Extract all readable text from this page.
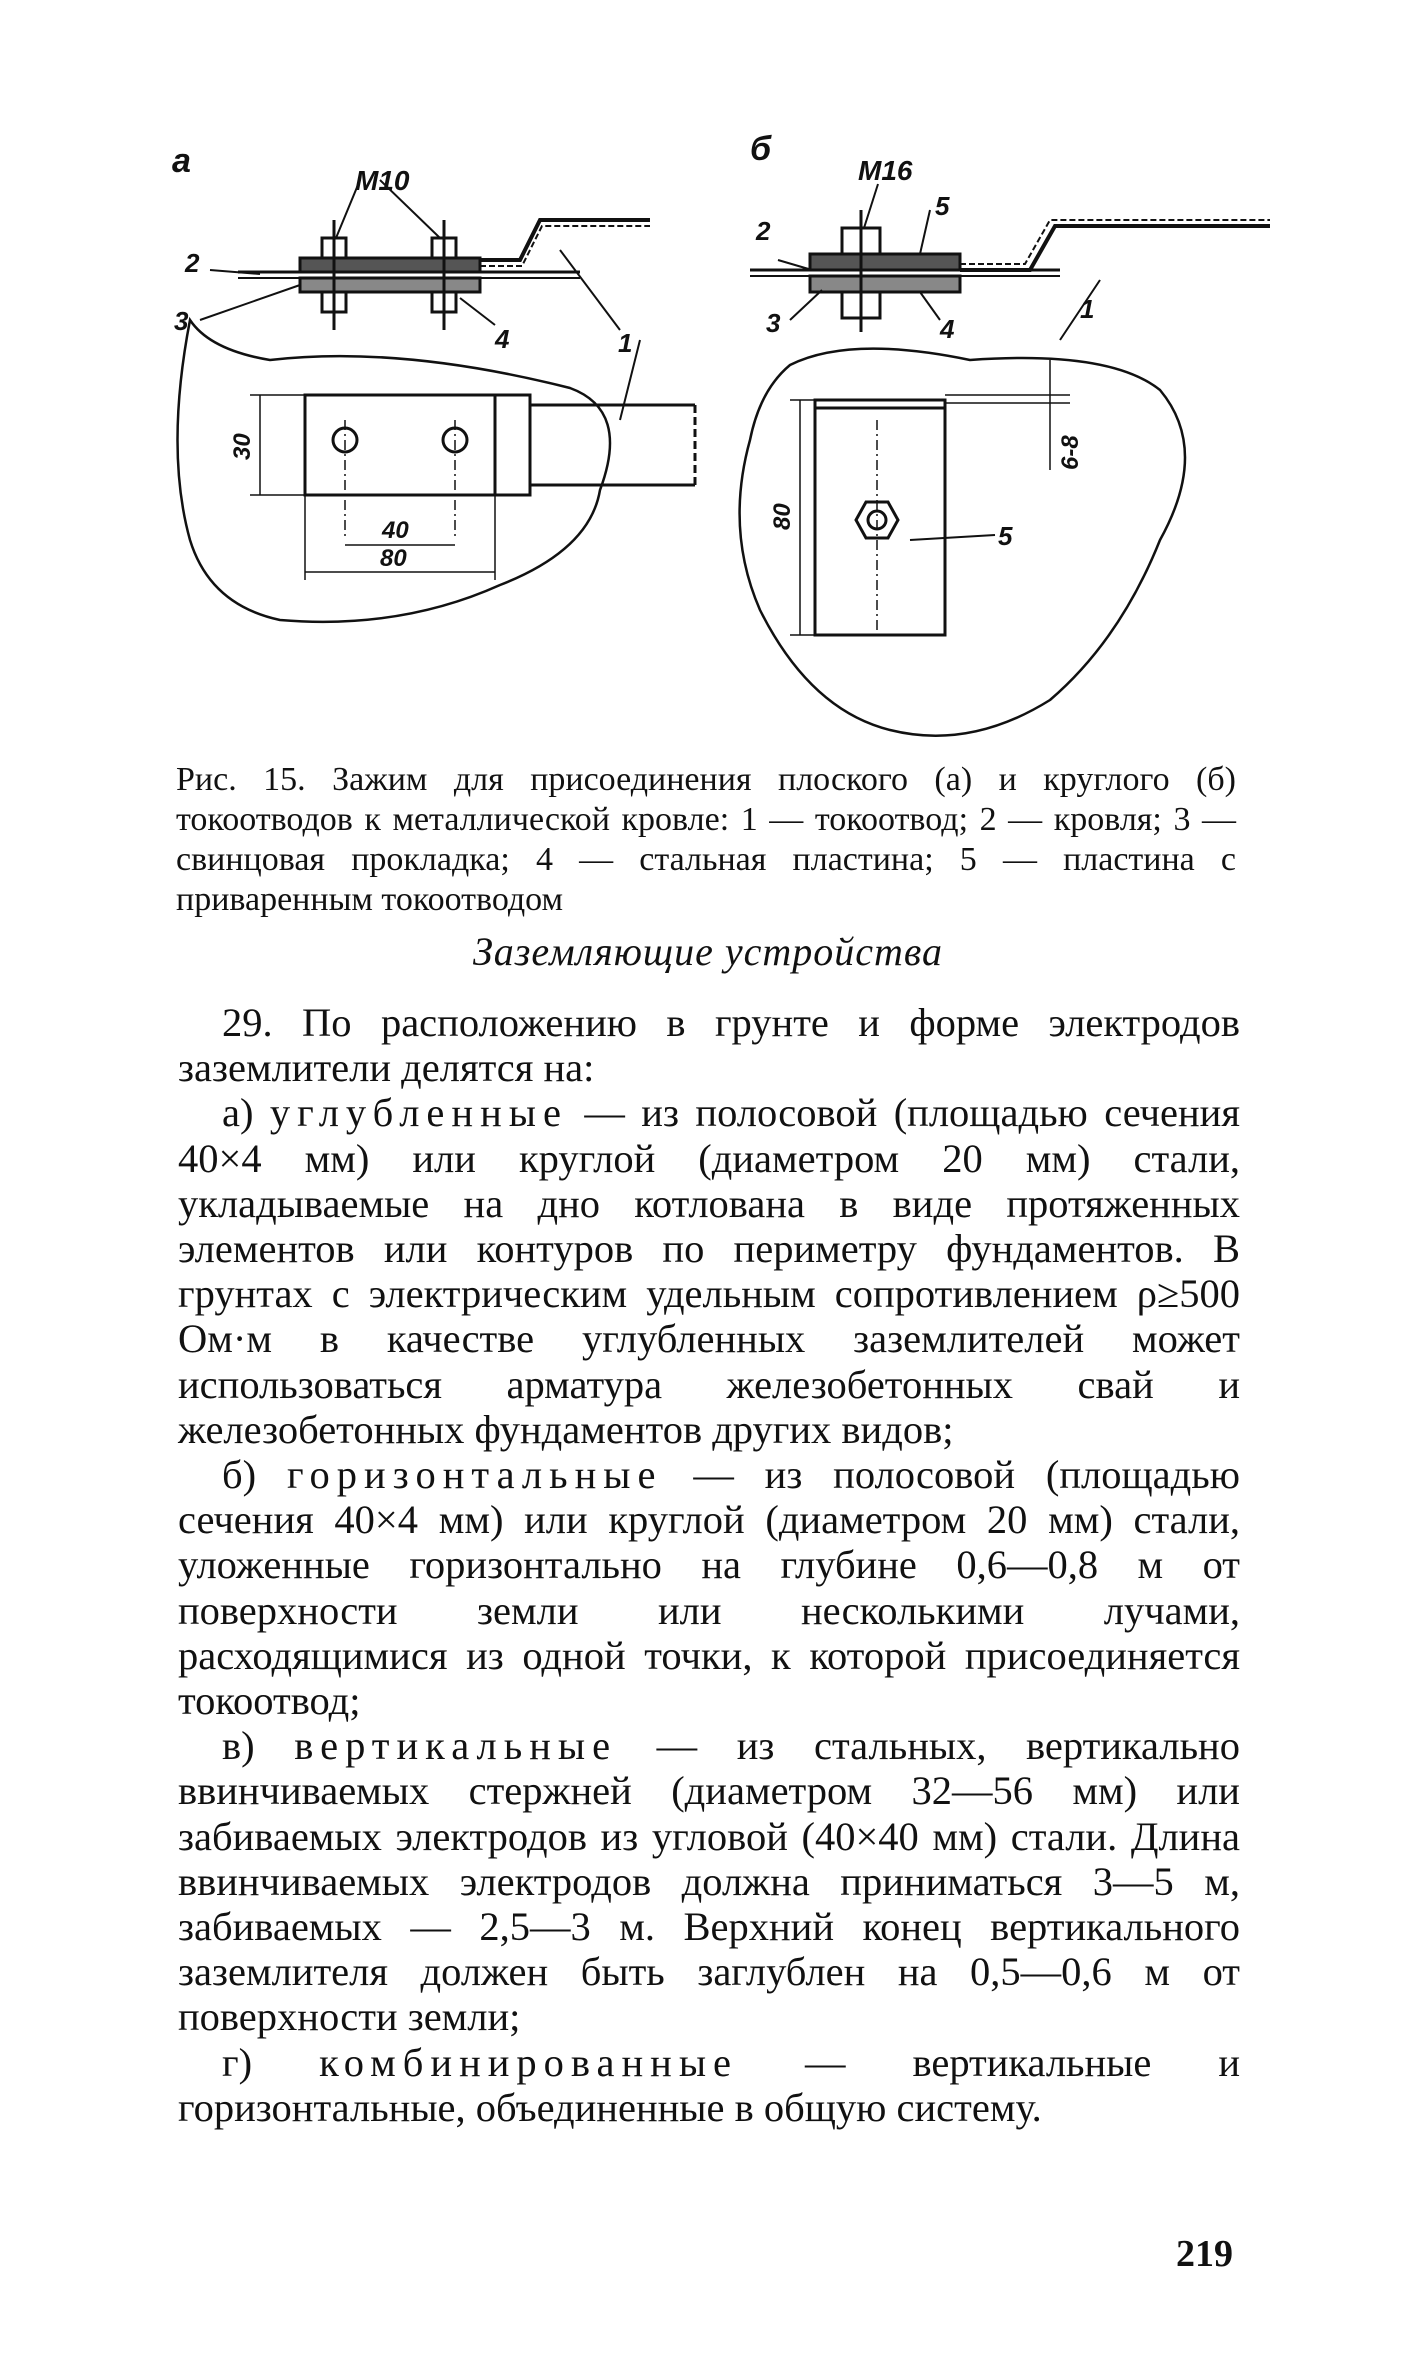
а	б
М10	М16
2
3
4	1
2
3
5
4
1
5
30
40
80
80
6-8

Рис. 15. Зажим для присоединения плоского (а) и круглого (б) токоотводов к металлической кровле: 1 — токоотвод; 2 — кровля; 3 — свинцовая прокладка; 4 — стальная пластина; 5 — пластина с приваренным токоотводом

Заземляющие устройства

29. По расположению в грунте и форме электродов заземлители делятся на:

а) углубленные — из полосовой (площадью сечения 40×4 мм) или круглой (диаметром 20 мм) стали, укладываемые на дно котлована в виде протяженных элементов или контуров по периметру фундаментов. В грунтах с электрическим удельным сопротивлением ρ≥500 Ом·м в качестве углубленных заземлителей может использоваться арматура железобетонных свай и железобетонных фундаментов других видов;

б) горизонтальные — из полосовой (площадью сечения 40×4 мм) или круглой (диаметром 20 мм) стали, уложенные горизонтально на глубине 0,6—0,8 м от поверхности земли или несколькими лучами, расходящимися из одной точки, к которой присоединяется токоотвод;

в) вертикальные — из стальных, вертикально ввинчиваемых стержней (диаметром 32—56 мм) или забиваемых электродов из угловой (40×40 мм) стали. Длина ввинчиваемых электродов должна приниматься 3—5 м, забиваемых — 2,5—3 м. Верхний конец вертикального заземлителя должен быть заглублен на 0,5—0,6 м от поверхности земли;

г) комбинированные — вертикальные и горизонтальные, объединенные в общую систему.

219
